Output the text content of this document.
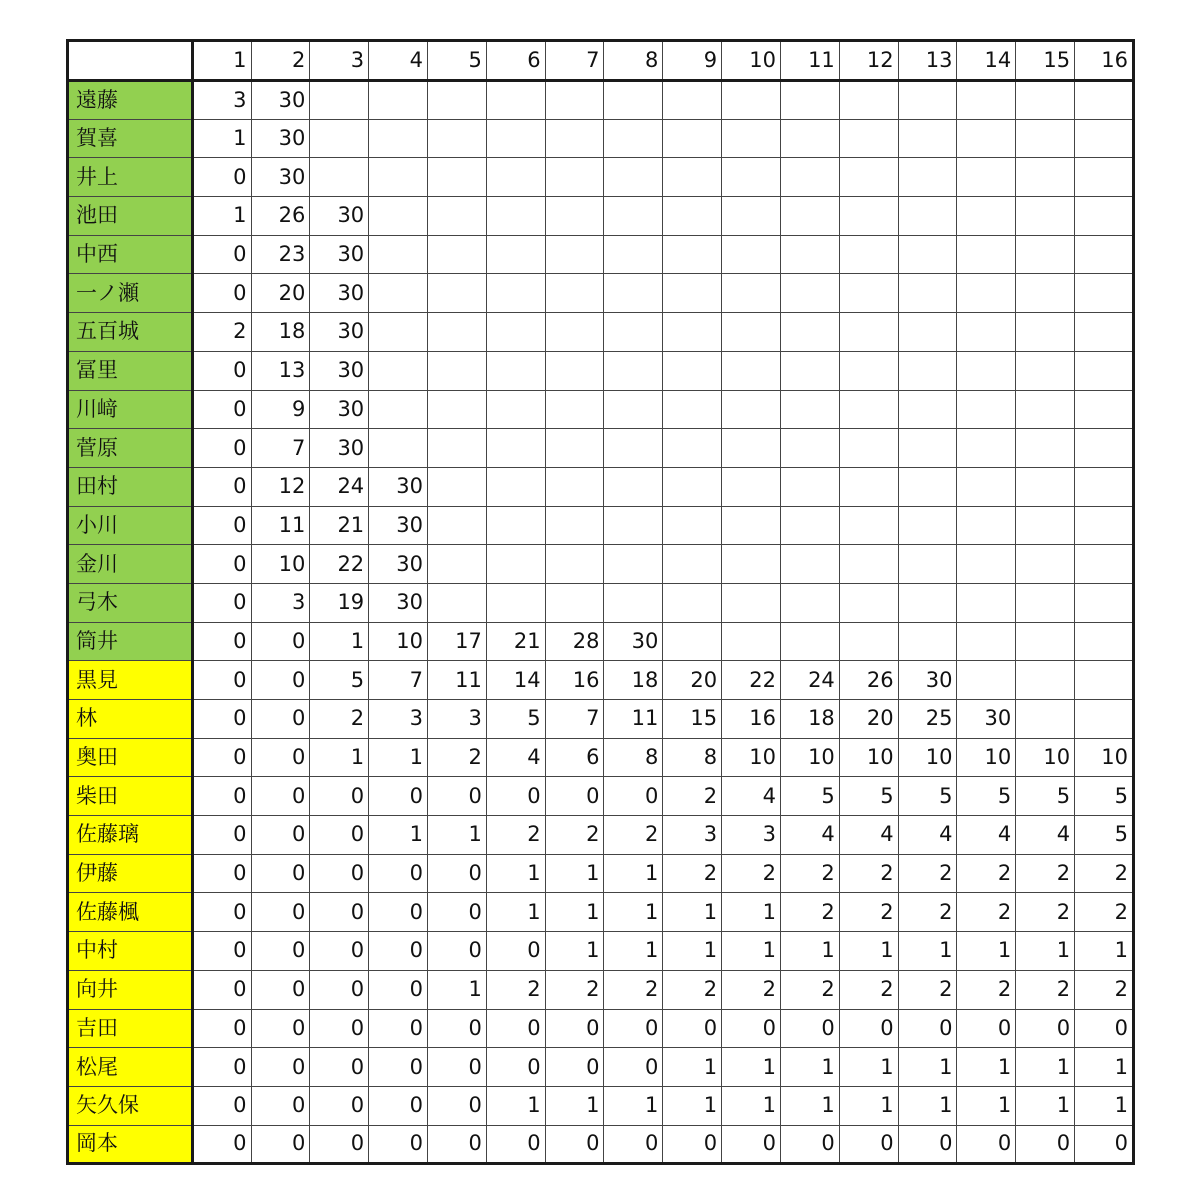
	1	2	3	4	5	6	7	8	9	10	11	12	13	14	15	16
遠藤	3	30														
賀喜	1	30														
井上	0	30														
池田	1	26	30													
中西	0	23	30													
一ノ瀬	0	20	30													
五百城	2	18	30													
冨里	0	13	30													
川﨑	0	9	30													
菅原	0	7	30													
田村	0	12	24	30												
小川	0	11	21	30												
金川	0	10	22	30												
弓木	0	3	19	30												
筒井	0	0	1	10	17	21	28	30								
黒見	0	0	5	7	11	14	16	18	20	22	24	26	30			
林	0	0	2	3	3	5	7	11	15	16	18	20	25	30		
奥田	0	0	1	1	2	4	6	8	8	10	10	10	10	10	10	10
柴田	0	0	0	0	0	0	0	0	2	4	5	5	5	5	5	5
佐藤璃	0	0	0	1	1	2	2	2	3	3	4	4	4	4	4	5
伊藤	0	0	0	0	0	1	1	1	2	2	2	2	2	2	2	2
佐藤楓	0	0	0	0	0	1	1	1	1	1	2	2	2	2	2	2
中村	0	0	0	0	0	0	1	1	1	1	1	1	1	1	1	1
向井	0	0	0	0	1	2	2	2	2	2	2	2	2	2	2	2
吉田	0	0	0	0	0	0	0	0	0	0	0	0	0	0	0	0
松尾	0	0	0	0	0	0	0	0	1	1	1	1	1	1	1	1
矢久保	0	0	0	0	0	1	1	1	1	1	1	1	1	1	1	1
岡本	0	0	0	0	0	0	0	0	0	0	0	0	0	0	0	0
